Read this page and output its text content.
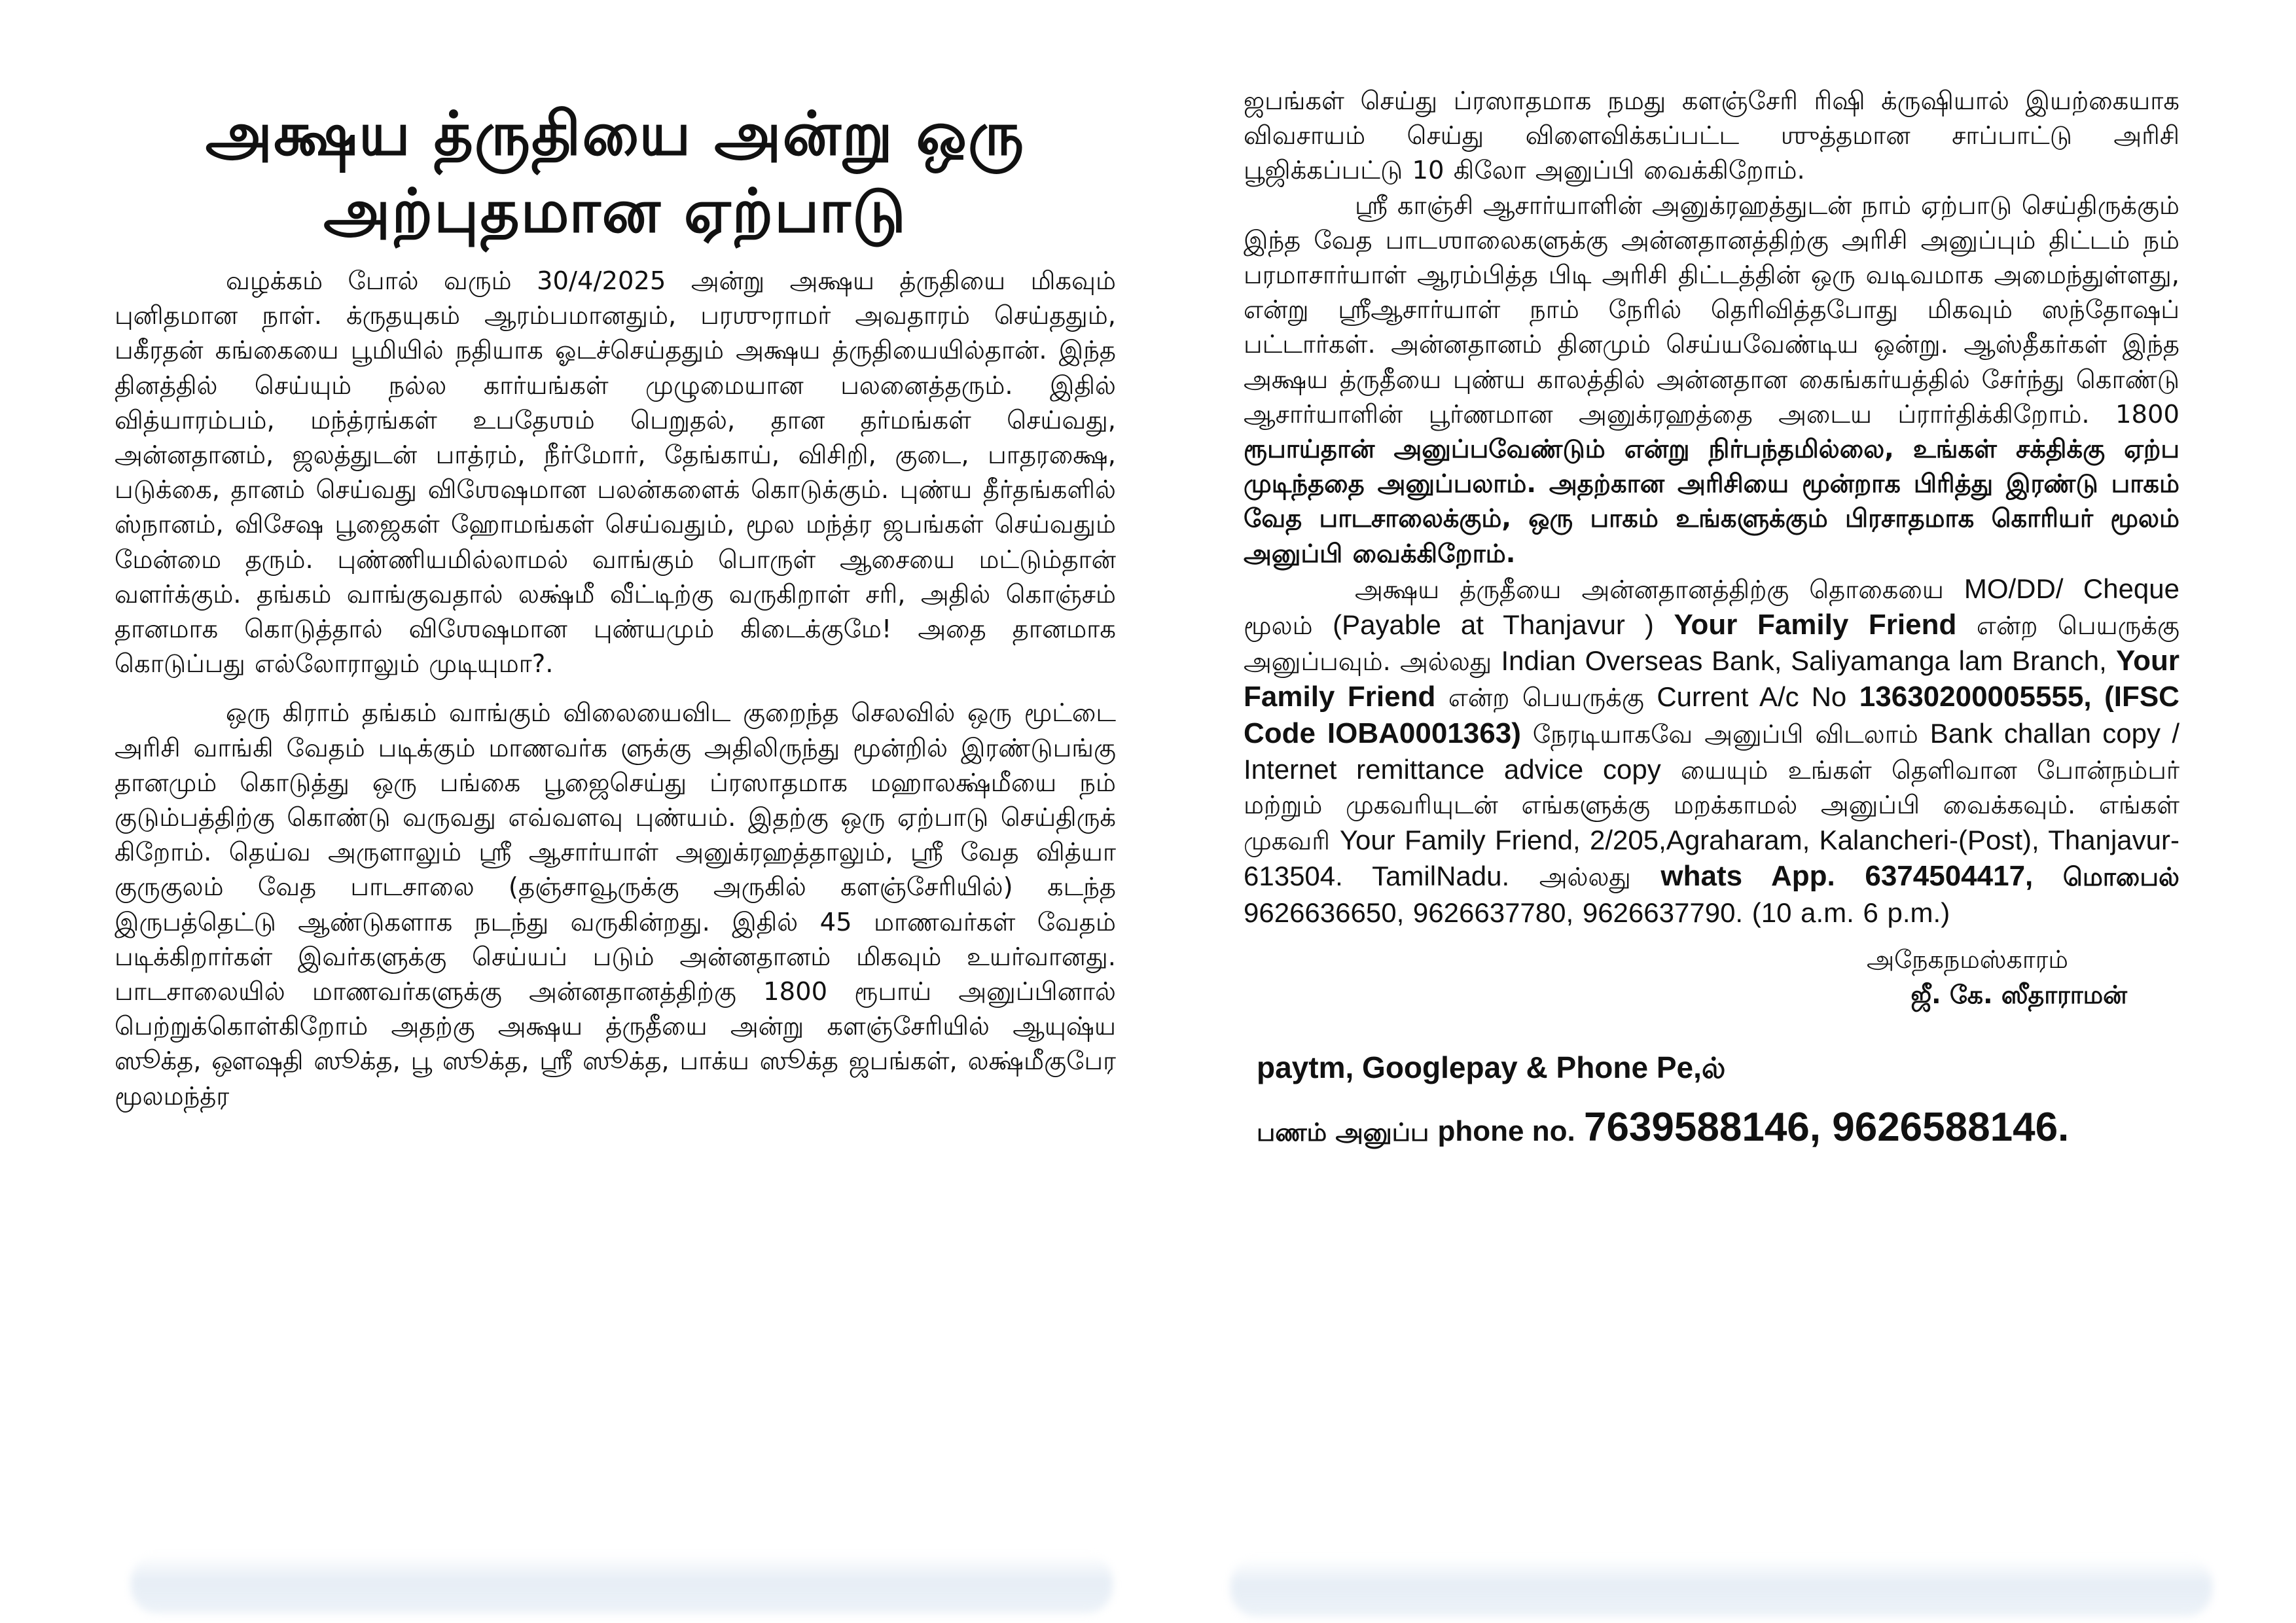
அக்ஷய த்ருதியை அன்று ஒரு
அற்புதமான ஏற்பாடு

வழக்கம் போல் வரும் 30/4/2025 அன்று அக்ஷய த்ருதியை மிகவும் புனிதமான நாள். க்ருதயுகம் ஆரம்பமானதும், பரஶுராமர் அவதாரம் செய்ததும், பகீரதன் கங்கையை பூமியில் நதியாக ஓடச்செய்ததும் அக்ஷய த்ருதியையில்தான். இந்த தினத்தில் செய்யும் நல்ல கார்யங்கள் முழுமையான பலனைத்தரும். இதில் வித்யாரம்பம், மந்த்ரங்கள் உபதேஶம் பெறுதல், தான தர்மங்கள் செய்வது, அன்னதானம், ஜலத்துடன் பாத்ரம், நீர்மோர், தேங்காய், விசிறி, குடை, பாதரக்ஷை, படுக்கை, தானம் செய்வது விஶேஷமான பலன்களைக் கொடுக்கும். புண்ய தீர்தங்களில் ஸ்நானம், விசேஷ பூஜைகள் ஹோமங்கள் செய்வதும், மூல மந்த்ர ஜபங்கள் செய்வதும் மேன்மை தரும். புண்ணியமில்லாமல் வாங்கும் பொருள் ஆசையை மட்டும்தான் வளர்க்கும். தங்கம் வாங்குவதால் லக்ஷ்மீ வீட்டிற்கு வருகிறாள் சரி, அதில் கொஞ்சம் தானமாக கொடுத்தால் விஶேஷமான புண்யமும் கிடைக்குமே! அதை தானமாக கொடுப்பது எல்லோராலும் முடியுமா?.

ஒரு கிராம் தங்கம் வாங்கும் விலையைவிட குறைந்த செலவில் ஒரு மூட்டை அரிசி வாங்கி வேதம் படிக்கும் மாணவர்க ளுக்கு அதிலிருந்து மூன்றில் இரண்டுபங்கு தானமும் கொடுத்து ஒரு பங்கை பூஜைசெய்து ப்ரஸாதமாக மஹாலக்ஷ்மீயை நம் குடும்பத்திற்கு கொண்டு வருவது எவ்வளவு புண்யம். இதற்கு ஒரு ஏற்பாடு செய்திருக் கிறோம். தெய்வ அருளாலும் ஸ்ரீ ஆசார்யாள் அனுக்ரஹத்தாலும், ஸ்ரீ வேத வித்யா குருகுலம் வேத பாடசாலை (தஞ்சாவூருக்கு அருகில் களஞ்சேரியில்) கடந்த இருபத்தெட்டு ஆண்டுகளாக நடந்து வருகின்றது. இதில் 45 மாணவர்கள் வேதம் படிக்கிறார்கள் இவர்களுக்கு செய்யப் படும் அன்னதானம் மிகவும் உயர்வானது. பாடசாலையில் மாணவர்களுக்கு அன்னதானத்திற்கு 1800 ரூபாய் அனுப்பினால் பெற்றுக்கொள்கிறோம் அதற்கு அக்ஷய த்ருதீயை அன்று களஞ்சேரியில் ஆயுஷ்ய ஸூக்த, ஔஷதி ஸூக்த, பூ ஸூக்த, ஸ்ரீ ஸூக்த, பாக்ய ஸூக்த ஜபங்கள், லக்ஷ்மீகுபேர மூலமந்த்ர

ஜபங்கள் செய்து ப்ரஸாதமாக நமது களஞ்சேரி ரிஷி க்ருஷியால் இயற்கையாக விவசாயம் செய்து விளைவிக்கப்பட்ட ஶுத்தமான சாப்பாட்டு அரிசி பூஜிக்கப்பட்டு 10 கிலோ அனுப்பி வைக்கிறோம்.

ஸ்ரீ காஞ்சி ஆசார்யாளின் அனுக்ரஹத்துடன் நாம் ஏற்பாடு செய்திருக்கும் இந்த வேத பாடஶாலைகளுக்கு அன்னதானத்திற்கு அரிசி அனுப்பும் திட்டம் நம் பரமாசார்யாள் ஆரம்பித்த பிடி அரிசி திட்டத்தின் ஒரு வடிவமாக அமைந்துள்ளது, என்று ஸ்ரீஆசார்யாள் நாம் நேரில் தெரிவித்தபோது மிகவும் ஸந்தோஷப் பட்டார்கள். அன்னதானம் தினமும் செய்யவேண்டிய ஒன்று. ஆஸ்தீகர்கள் இந்த அக்ஷய த்ருதீயை புண்ய காலத்தில் அன்னதான கைங்கர்யத்தில் சேர்ந்து கொண்டு ஆசார்யாளின் பூர்ணமான அனுக்ரஹத்தை அடைய ப்ரார்திக்கிறோம். 1800 ரூபாய்தான் அனுப்பவேண்டும் என்று நிர்பந்தமில்லை, உங்கள் சக்திக்கு ஏற்ப முடிந்ததை அனுப்பலாம். அதற்கான அரிசியை மூன்றாக பிரித்து இரண்டு பாகம் வேத பாடசாலைக்கும், ஒரு பாகம் உங்களுக்கும் பிரசாதமாக கொரியர் மூலம் அனுப்பி வைக்கிறோம்.

அக்ஷய த்ருதீயை அன்னதானத்திற்கு தொகையை MO/DD/ Cheque மூலம் (Payable at Thanjavur ) Your Family Friend என்ற பெயருக்கு அனுப்பவும். அல்லது Indian Overseas Bank, Saliyamanga lam Branch, Your Family Friend என்ற பெயருக்கு Current A/c No 13630200005555, (IFSC Code IOBA0001363) நேரடியாகவே அனுப்பி விடலாம் Bank challan copy / Internet remittance advice copy யையும் உங்கள் தெளிவான போன்நம்பர் மற்றும் முகவரியுடன் எங்களுக்கு மறக்காமல் அனுப்பி வைக்கவும். எங்கள் முகவரி Your Family Friend, 2/205,Agraharam, Kalancheri-(Post), Thanjavur-613504. TamilNadu. அல்லது whats App. 6374504417, மொபைல் 9626636650, 9626637780, 9626637790. (10 a.m. 6 p.m.)

அநேகநமஸ்காரம்
ஜீ. கே. ஸீதாராமன்
paytm, Googlepay & Phone Pe,ல்
பணம் அனுப்ப phone no. 7639588146, 9626588146.
